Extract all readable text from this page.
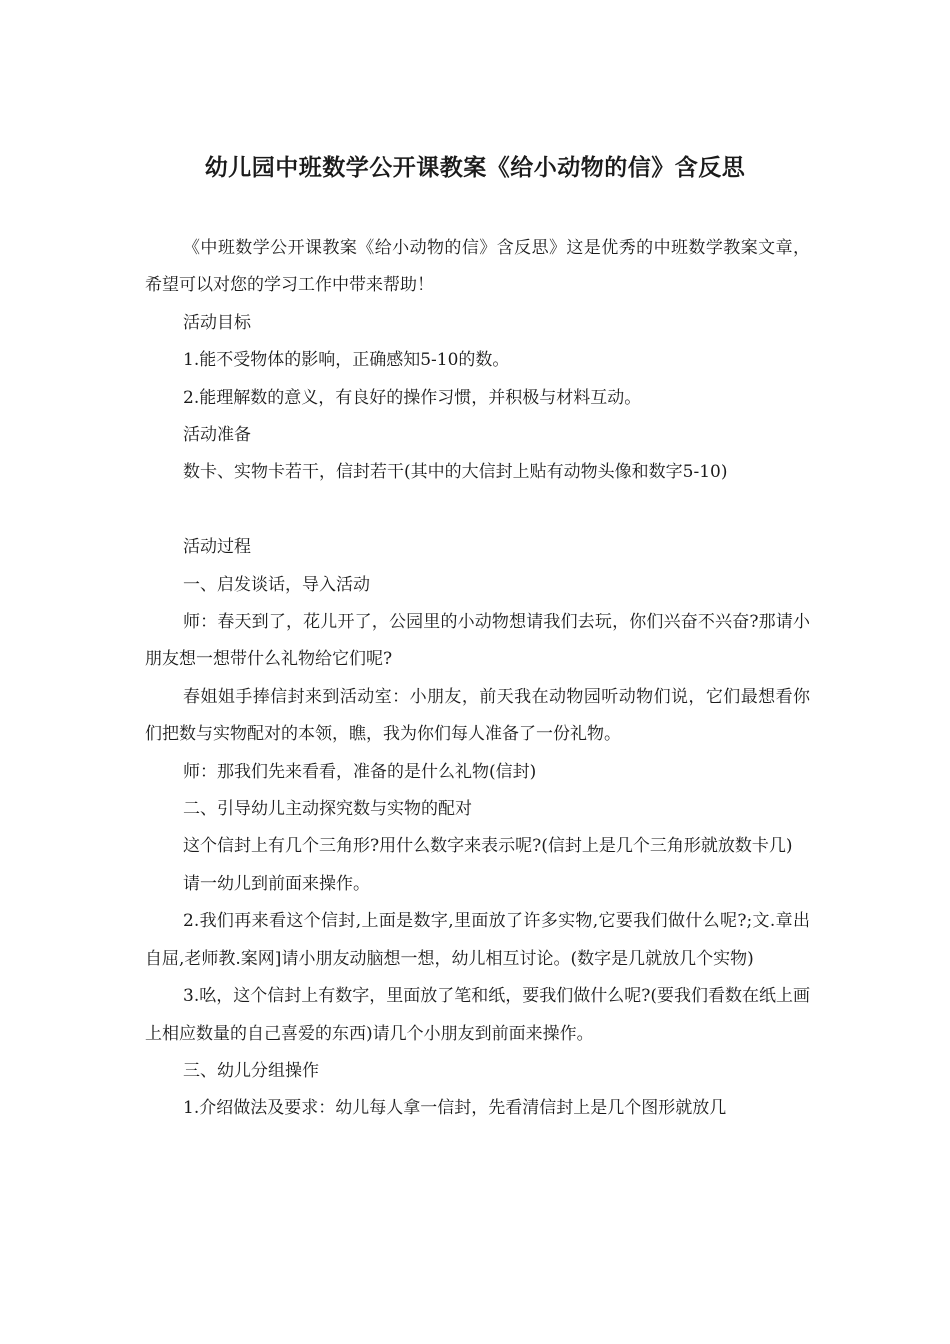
幼儿园中班数学公开课教案《给小动物的信》含反思

《中班数学公开课教案《给小动物的信》含反思》这是优秀的中班数学教案文章，希望可以对您的学习工作中带来帮助！

活动目标

1.能不受物体的影响，正确感知5-10的数。

2.能理解数的意义，有良好的操作习惯，并积极与材料互动。

活动准备

数卡、实物卡若干，信封若干(其中的大信封上贴有动物头像和数字5-10)

活动过程

一、启发谈话，导入活动

师：春天到了，花儿开了，公园里的小动物想请我们去玩，你们兴奋不兴奋?那请小朋友想一想带什么礼物给它们呢?

春姐姐手捧信封来到活动室：小朋友，前天我在动物园听动物们说，它们最想看你们把数与实物配对的本领，瞧，我为你们每人准备了一份礼物。

师：那我们先来看看，准备的是什么礼物(信封)

二、引导幼儿主动探究数与实物的配对

这个信封上有几个三角形?用什么数字来表示呢?(信封上是几个三角形就放数卡几)

请一幼儿到前面来操作。

2.我们再来看这个信封,上面是数字,里面放了许多实物,它要我们做什么呢?;文.章出自屈,老师教.案网]请小朋友动脑想一想，幼儿相互讨论。(数字是几就放几个实物)

3.吆，这个信封上有数字，里面放了笔和纸，要我们做什么呢?(要我们看数在纸上画上相应数量的自己喜爱的东西)请几个小朋友到前面来操作。

三、幼儿分组操作

1.介绍做法及要求：幼儿每人拿一信封，先看清信封上是几个图形就放几
